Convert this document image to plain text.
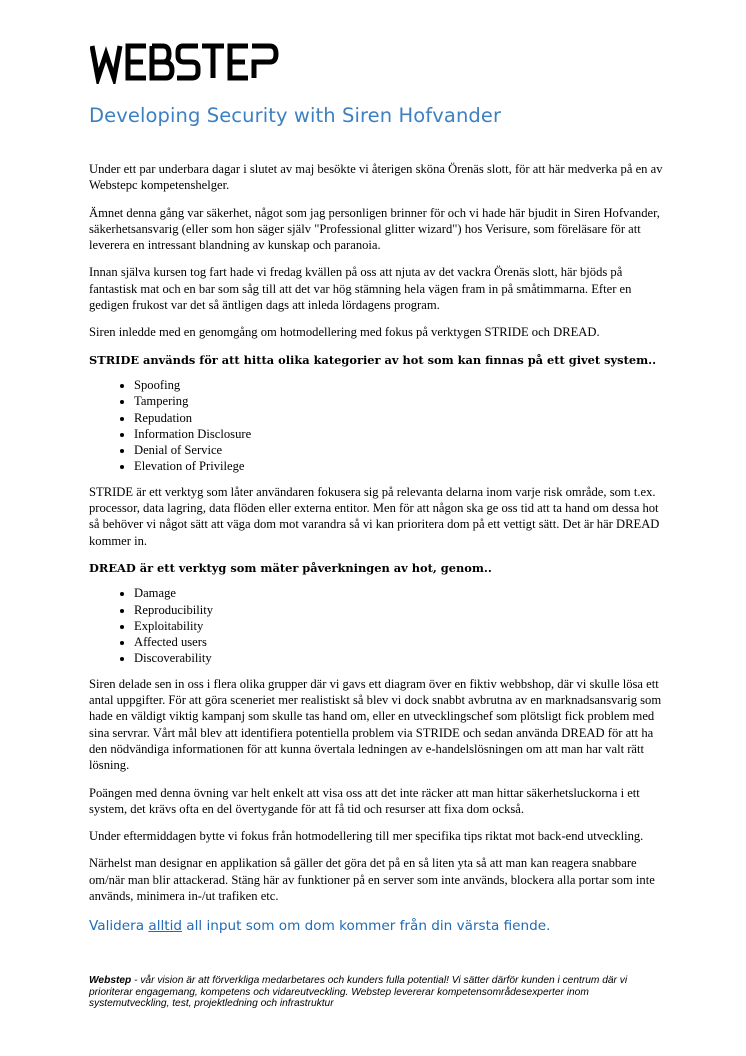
Developing Security with Siren Hofvander

Under ett par underbara dagar i slutet av maj besökte vi återigen sköna Örenäs slott, för att här medverka på en av Webstepс kompetenshelger.

Ämnet denna gång var säkerhet, något som jag personligen brinner för och vi hade här bjudit in Siren Hofvander, säkerhetsansvarig (eller som hon säger själv "Professional glitter wizard") hos Verisure, som föreläsare för att leverera en intressant blandning av kunskap och paranoia.

Innan själva kursen tog fart hade vi fredag kvällen på oss att njuta av det vackra Örenäs slott, här bjöds på fantastisk mat och en bar som såg till att det var hög stämning hela vägen fram in på småtimmarna. Efter en gedigen frukost var det så äntligen dags att inleda lördagens program.

Siren inledde med en genomgång om hotmodellering med fokus på verktygen STRIDE och DREAD.

STRIDE används för att hitta olika kategorier av hot som kan finnas på ett givet system..

• Spoofing
• Tampering
• Repudation
• Information Disclosure
• Denial of Service
• Elevation of Privilege

STRIDE är ett verktyg som låter användaren fokusera sig på relevanta delarna inom varje risk område, som t.ex. processor, data lagring, data flöden eller externa entitor. Men för att någon ska ge oss tid att ta hand om dessa hot så behöver vi något sätt att väga dom mot varandra så vi kan prioritera dom på ett vettigt sätt. Det är här DREAD kommer in.

DREAD är ett verktyg som mäter påverkningen av hot, genom..

• Damage
• Reproducibility
• Exploitability
• Affected users
• Discoverability

Siren delade sen in oss i flera olika grupper där vi gavs ett diagram över en fiktiv webbshop, där vi skulle lösa ett antal uppgifter. För att göra sceneriet mer realistiskt så blev vi dock snabbt avbrutna av en marknadsansvarig som hade en väldigt viktig kampanj som skulle tas hand om, eller en utvecklingschef som plötsligt fick problem med sina servrar. Vårt mål blev att identifiera potentiella problem via STRIDE och sedan använda DREAD för att ha den nödvändiga informationen för att kunna övertala ledningen av e-handelslösningen om att man har valt rätt lösning.

Poängen med denna övning var helt enkelt att visa oss att det inte räcker att man hittar säkerhetsluckorna i ett system, det krävs ofta en del övertygande för att få tid och resurser att fixa dom också.

Under eftermiddagen bytte vi fokus från hotmodellering till mer specifika tips riktat mot back-end utveckling.

Närhelst man designar en applikation så gäller det göra det på en så liten yta så att man kan reagera snabbare om/när man blir attackerad. Stäng här av funktioner på en server som inte används, blockera alla portar som inte används, minimera in-/ut trafiken etc.

Validera alltid all input som om dom kommer från din värsta fiende.
Webstep - vår vision är att förverkliga medarbetares och kunders fulla potential! Vi sätter därför kunden i centrum där vi prioriterar engagemang, kompetens och vidareutveckling. Webstep levererar kompetensområdesexperter inom systemutveckling, test, projektledning och infrastruktur
